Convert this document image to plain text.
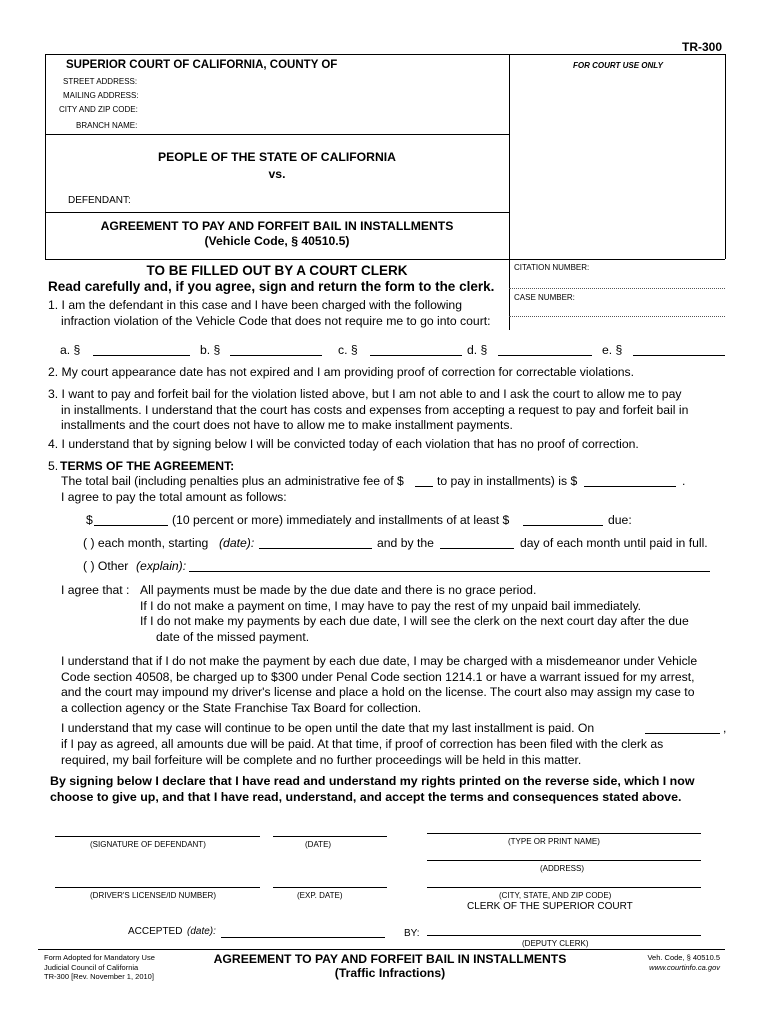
TR-300
SUPERIOR COURT OF CALIFORNIA, COUNTY OF	FOR COURT USE ONLY
STREET ADDRESS:
MAILING ADDRESS:
CITY AND ZIP CODE:
BRANCH NAME:
PEOPLE OF THE STATE OF CALIFORNIA
vs.
DEFENDANT:
AGREEMENT TO PAY AND FORFEIT BAIL IN INSTALLMENTS
(Vehicle Code, § 40510.5)
CITATION NUMBER:
CASE NUMBER:
TO BE FILLED OUT BY A COURT CLERK
Read carefully and, if you agree, sign and return the form to the clerk.
1. I am the defendant in this case and I have been charged with the following
infraction violation of the Vehicle Code that does not require me to go into court:
a. §	b. §	c. §	d. §	e. §
2. My court appearance date has not expired and I am providing proof of correction for correctable violations.
3. I want to pay and forfeit bail for the violation listed above, but I am not able to and I ask the court to allow me to pay
in installments. I understand that the court has costs and expenses from accepting a request to pay and forfeit bail in
installments and the court does not have to allow me to make installment payments.
4. I understand that by signing below I will be convicted today of each violation that has no proof of correction.
5. TERMS OF THE AGREEMENT:
The total bail (including penalties plus an administrative fee of $	to pay in installments) is $	.
I agree to pay the total amount as follows:
$	(10 percent or more) immediately and installments of at least $	due:
( ) each month, starting (date):	and by the	day of each month until paid in full.
( ) Other (explain):
I agree that : All payments must be made by the due date and there is no grace period.
If I do not make a payment on time, I may have to pay the rest of my unpaid bail immediately.
If I do not make my payments by each due date, I will see the clerk on the next court day after the due
date of the missed payment.
I understand that if I do not make the payment by each due date, I may be charged with a misdemeanor under Vehicle
Code section 40508, be charged up to $300 under Penal Code section 1214.1 or have a warrant issued for my arrest,
and the court may impound my driver's license and place a hold on the license. The court also may assign my case to
a collection agency or the State Franchise Tax Board for collection.
I understand that my case will continue to be open until the date that my last installment is paid. On	,
if I pay as agreed, all amounts due will be paid. At that time, if proof of correction has been filed with the clerk as
required, my bail forfeiture will be complete and no further proceedings will be held in this matter.
By signing below I declare that I have read and understand my rights printed on the reverse side, which I now
choose to give up, and that I have read, understand, and accept the terms and consequences stated above.
(SIGNATURE OF DEFENDANT)	(DATE)	(TYPE OR PRINT NAME)
(ADDRESS)
(DRIVER'S LICENSE/ID NUMBER)	(EXP. DATE)	(CITY, STATE, AND ZIP CODE)
CLERK OF THE SUPERIOR COURT
ACCEPTED (date):	BY:
(DEPUTY CLERK)
Form Adopted for Mandatory Use
Judicial Council of California
TR-300 [Rev. November 1, 2010]
AGREEMENT TO PAY AND FORFEIT BAIL IN INSTALLMENTS
(Traffic Infractions)
Veh. Code, § 40510.5
www.courtinfo.ca.gov
